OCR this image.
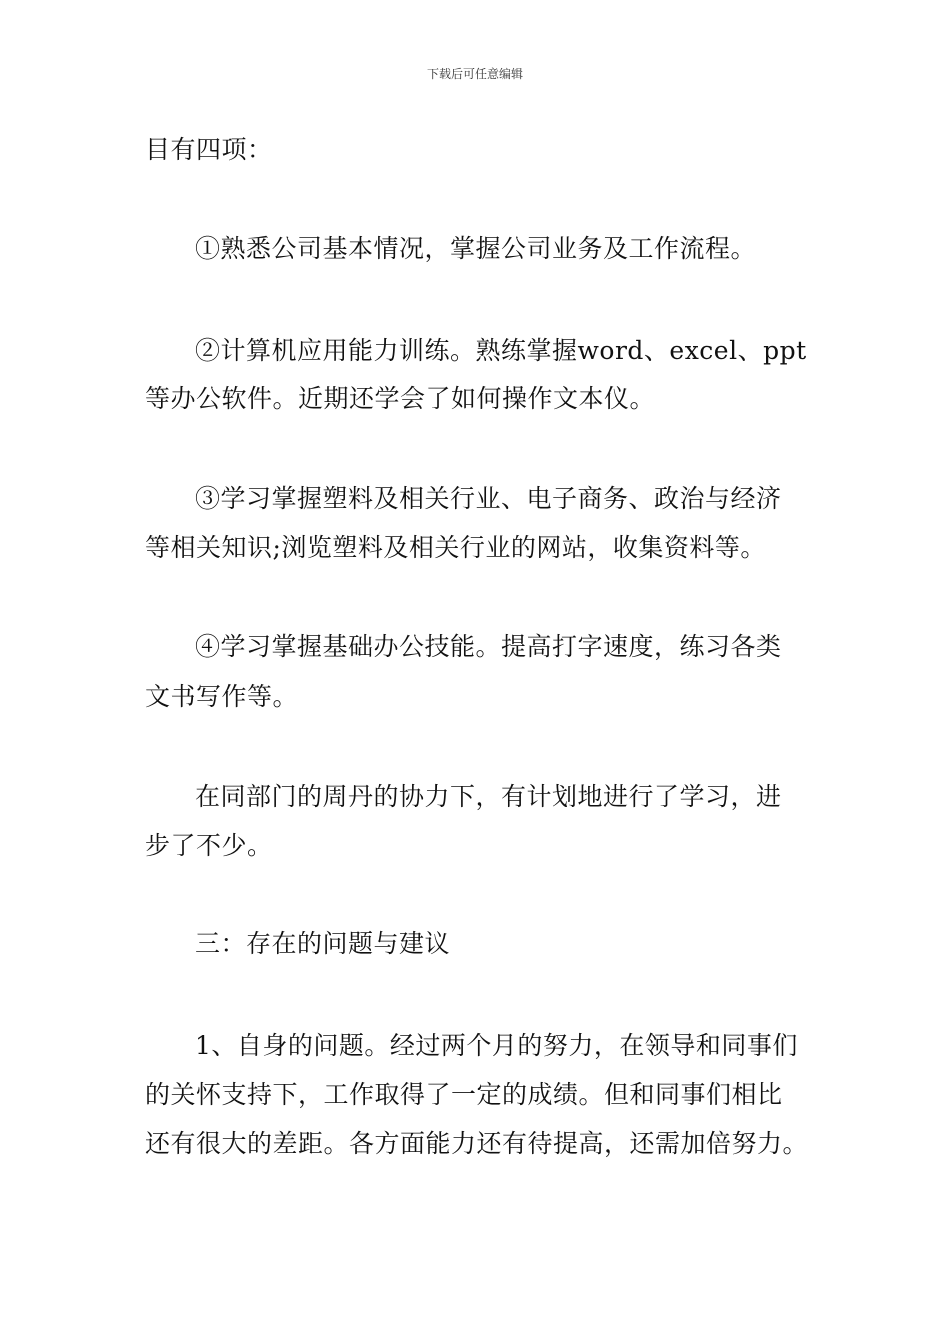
下载后可任意编辑
目有四项：
①熟悉公司基本情况，掌握公司业务及工作流程。
②计算机应用能力训练。熟练掌握word、excel、ppt
等办公软件。近期还学会了如何操作文本仪。
③学习掌握塑料及相关行业、电子商务、政治与经济
等相关知识;浏览塑料及相关行业的网站，收集资料等。
④学习掌握基础办公技能。提高打字速度，练习各类
文书写作等。
在同部门的周丹的协力下，有计划地进行了学习，进
步了不少。
三：存在的问题与建议
1、自身的问题。经过两个月的努力，在领导和同事们
的关怀支持下，工作取得了一定的成绩。但和同事们相比
还有很大的差距。各方面能力还有待提高，还需加倍努力。
